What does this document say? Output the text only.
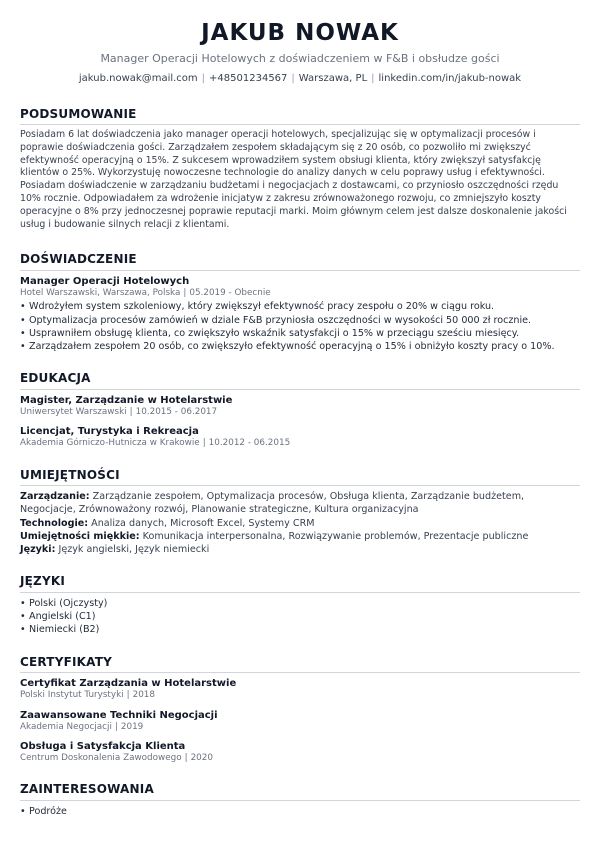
JAKUB NOWAK
Manager Operacji Hotelowych z doświadczeniem w F&B i obsłudze gości
jakub.nowak@mail.com | +48501234567 | Warszawa, PL | linkedin.com/in/jakub-nowak
PODSUMOWANIE
Posiadam 6 lat doświadczenia jako manager operacji hotelowych, specjalizując się w optymalizacji procesów i poprawie doświadczenia gości. Zarządzałem zespołem składającym się z 20 osób, co pozwoliło mi zwiększyć efektywność operacyjną o 15%. Z sukcesem wprowadziłem system obsługi klienta, który zwiększył satysfakcję klientów o 25%. Wykorzystuję nowoczesne technologie do analizy danych w celu poprawy usług i efektywności. Posiadam doświadczenie w zarządzaniu budżetami i negocjacjach z dostawcami, co przyniosło oszczędności rzędu 10% rocznie. Odpowiadałem za wdrożenie inicjatyw z zakresu zrównoważonego rozwoju, co zmniejszyło koszty operacyjne o 8% przy jednoczesnej poprawie reputacji marki. Moim głównym celem jest dalsze doskonalenie jakości usług i budowanie silnych relacji z klientami.
DOŚWIADCZENIE
Manager Operacji Hotelowych
Hotel Warszawski, Warszawa, Polska | 05.2019 - Obecnie
• Wdrożyłem system szkoleniowy, który zwiększył efektywność pracy zespołu o 20% w ciągu roku.
• Optymalizacja procesów zamówień w dziale F&B przyniosła oszczędności w wysokości 50 000 zł rocznie.
• Usprawniłem obsługę klienta, co zwiększyło wskaźnik satysfakcji o 15% w przeciągu sześciu miesięcy.
• Zarządzałem zespołem 20 osób, co zwiększyło efektywność operacyjną o 15% i obniżyło koszty pracy o 10%.
EDUKACJA
Magister, Zarządzanie w Hotelarstwie
Uniwersytet Warszawski | 10.2015 - 06.2017
Licencjat, Turystyka i Rekreacja
Akademia Górniczo-Hutnicza w Krakowie | 10.2012 - 06.2015
UMIEJĘTNOŚCI
Zarządzanie: Zarządzanie zespołem, Optymalizacja procesów, Obsługa klienta, Zarządzanie budżetem, Negocjacje, Zrównoważony rozwój, Planowanie strategiczne, Kultura organizacyjna
Technologie: Analiza danych, Microsoft Excel, Systemy CRM
Umiejętności miękkie: Komunikacja interpersonalna, Rozwiązywanie problemów, Prezentacje publiczne
Języki: Język angielski, Język niemiecki
JĘZYKI
• Polski (Ojczysty)
• Angielski (C1)
• Niemiecki (B2)
CERTYFIKATY
Certyfikat Zarządzania w Hotelarstwie
Polski Instytut Turystyki | 2018
Zaawansowane Techniki Negocjacji
Akademia Negocjacji | 2019
Obsługa i Satysfakcja Klienta
Centrum Doskonalenia Zawodowego | 2020
ZAINTERESOWANIA
• Podróże
